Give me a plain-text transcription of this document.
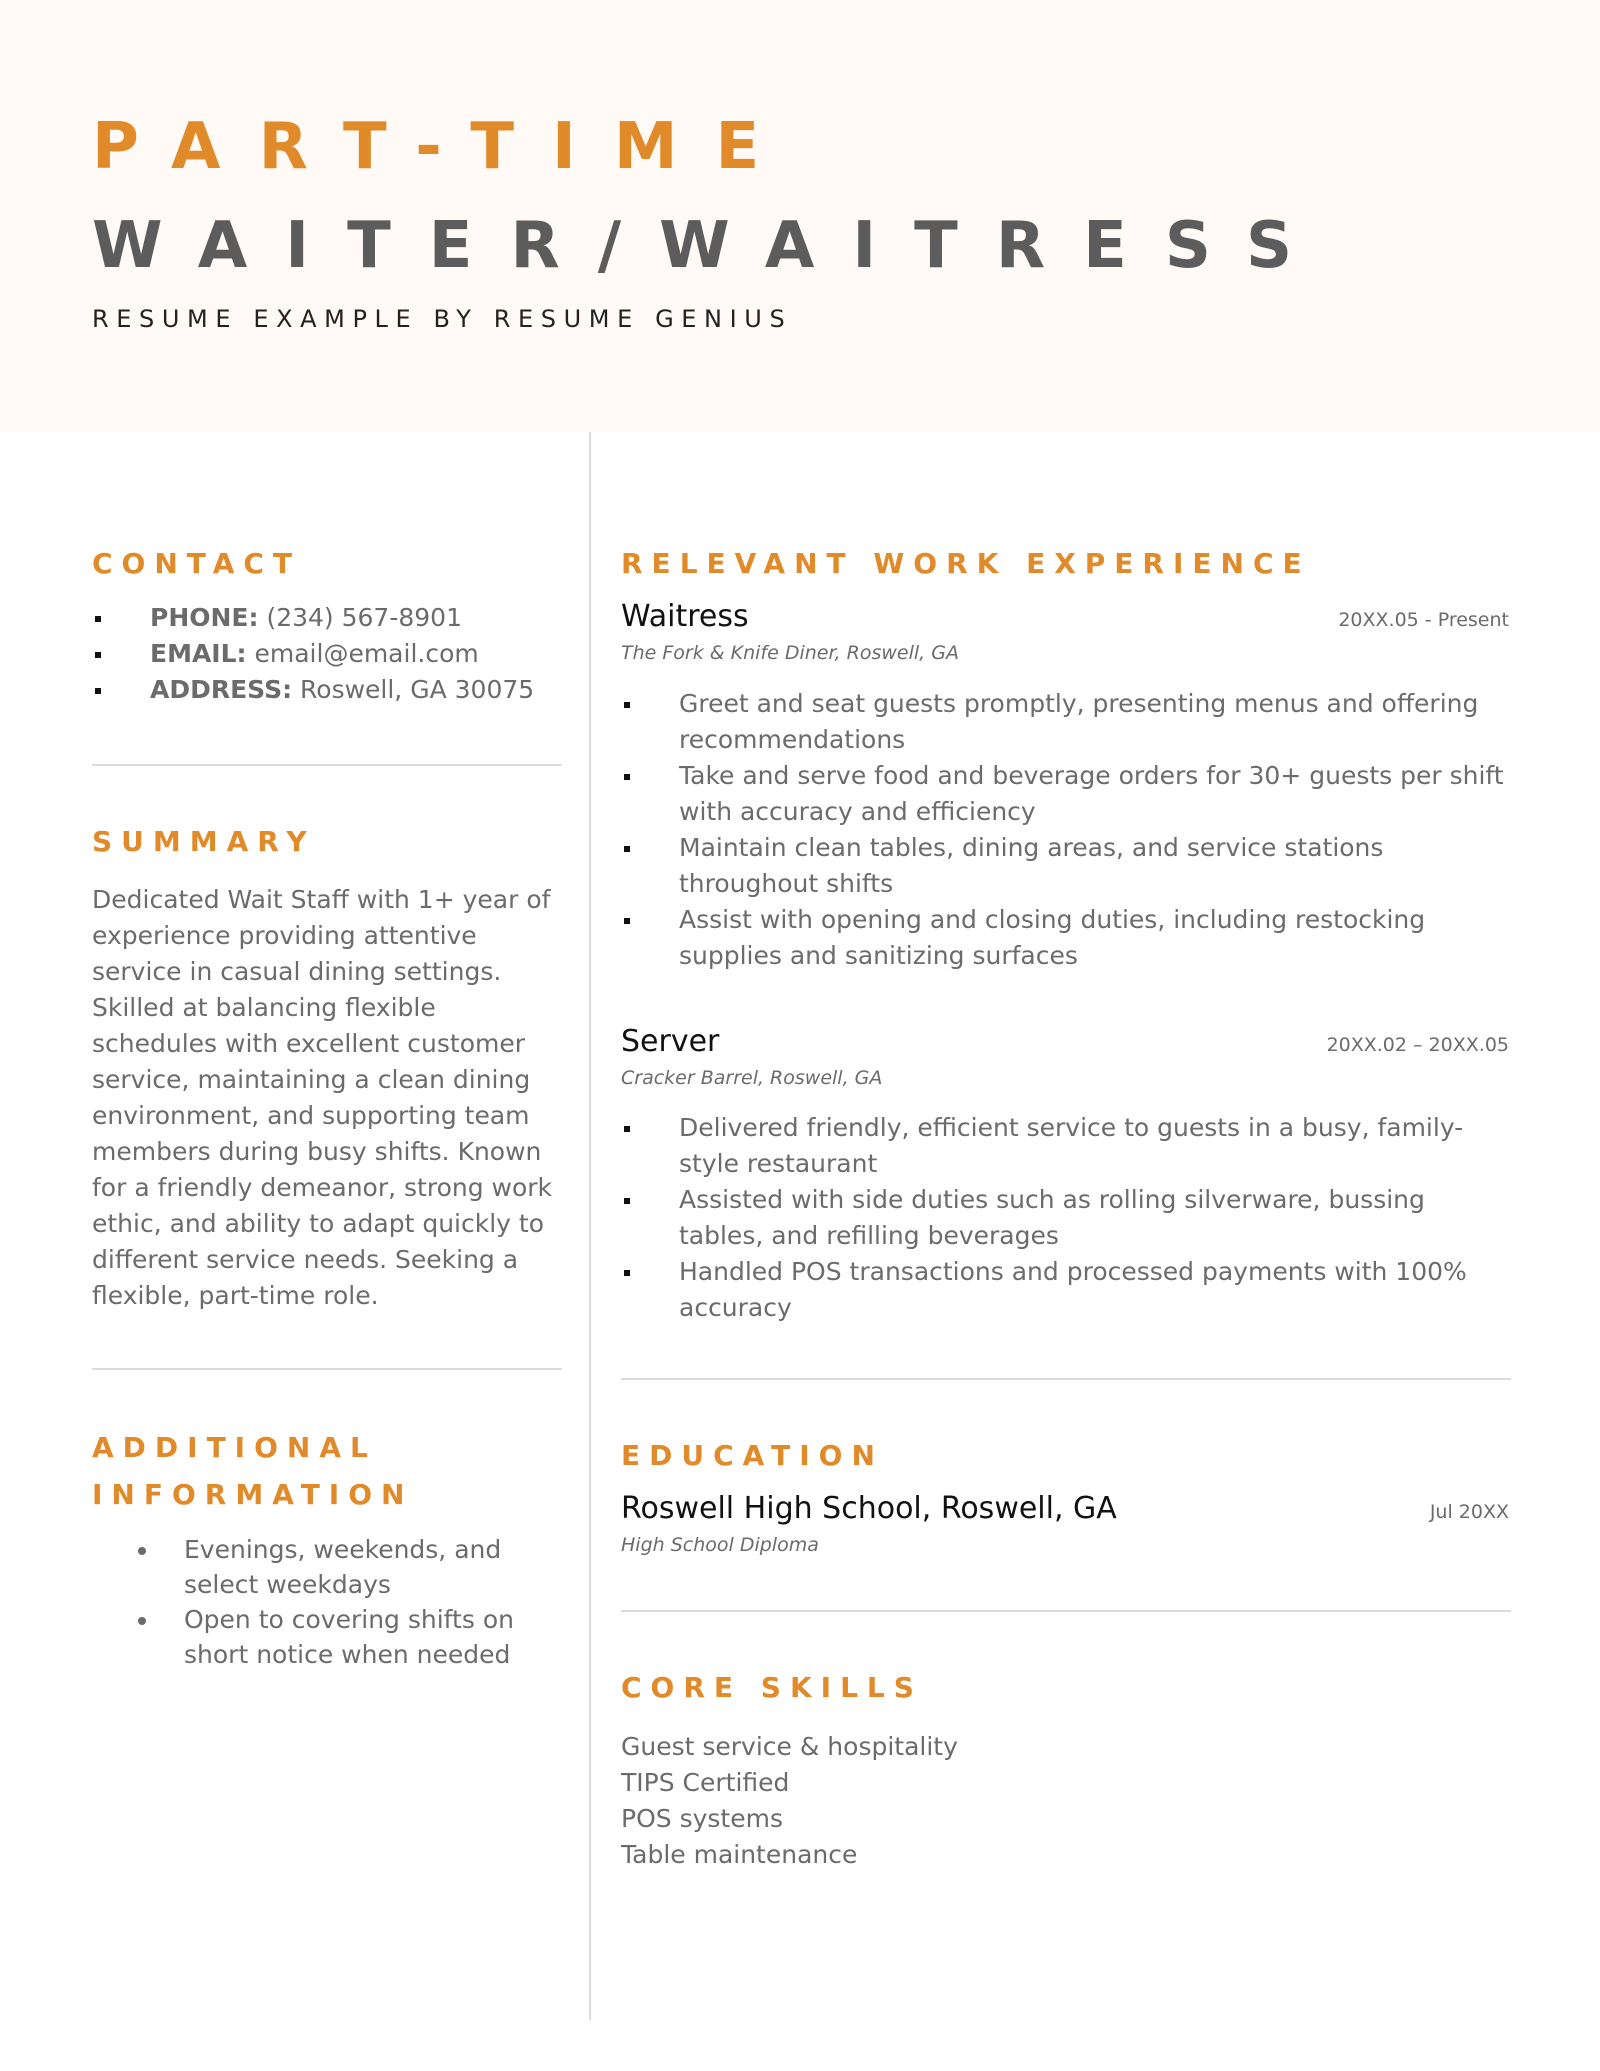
PART-TIME
WAITER/WAITRESS
RESUME EXAMPLE BY RESUME GENIUS
CONTACT
PHONE: (234) 567-8901
EMAIL: email@email.com
ADDRESS: Roswell, GA 30075
SUMMARY

Dedicated Wait Staff with 1+ year of experience providing attentive service in casual dining settings. Skilled at balancing flexible schedules with excellent customer service, maintaining a clean dining environment, and supporting team members during busy shifts. Known for a friendly demeanor, strong work ethic, and ability to adapt quickly to different service needs. Seeking a flexible, part-time role.

ADDITIONAL INFORMATION
Evenings, weekends, and select weekdays
Open to covering shifts on short notice when needed
RELEVANT WORK EXPERIENCE
Waitress	20XX.05 - Present
The Fork & Knife Diner, Roswell, GA
Greet and seat guests promptly, presenting menus and offering recommendations
Take and serve food and beverage orders for 30+ guests per shift with accuracy and efficiency
Maintain clean tables, dining areas, and service stations throughout shifts
Assist with opening and closing duties, including restocking supplies and sanitizing surfaces
Server	20XX.02 – 20XX.05
Cracker Barrel, Roswell, GA
Delivered friendly, efficient service to guests in a busy, family-style restaurant
Assisted with side duties such as rolling silverware, bussing tables, and refilling beverages
Handled POS transactions and processed payments with 100% accuracy
EDUCATION
Roswell High School, Roswell, GA	Jul 20XX
High School Diploma
CORE SKILLS
Guest service & hospitality
TIPS Certified
POS systems
Table maintenance
